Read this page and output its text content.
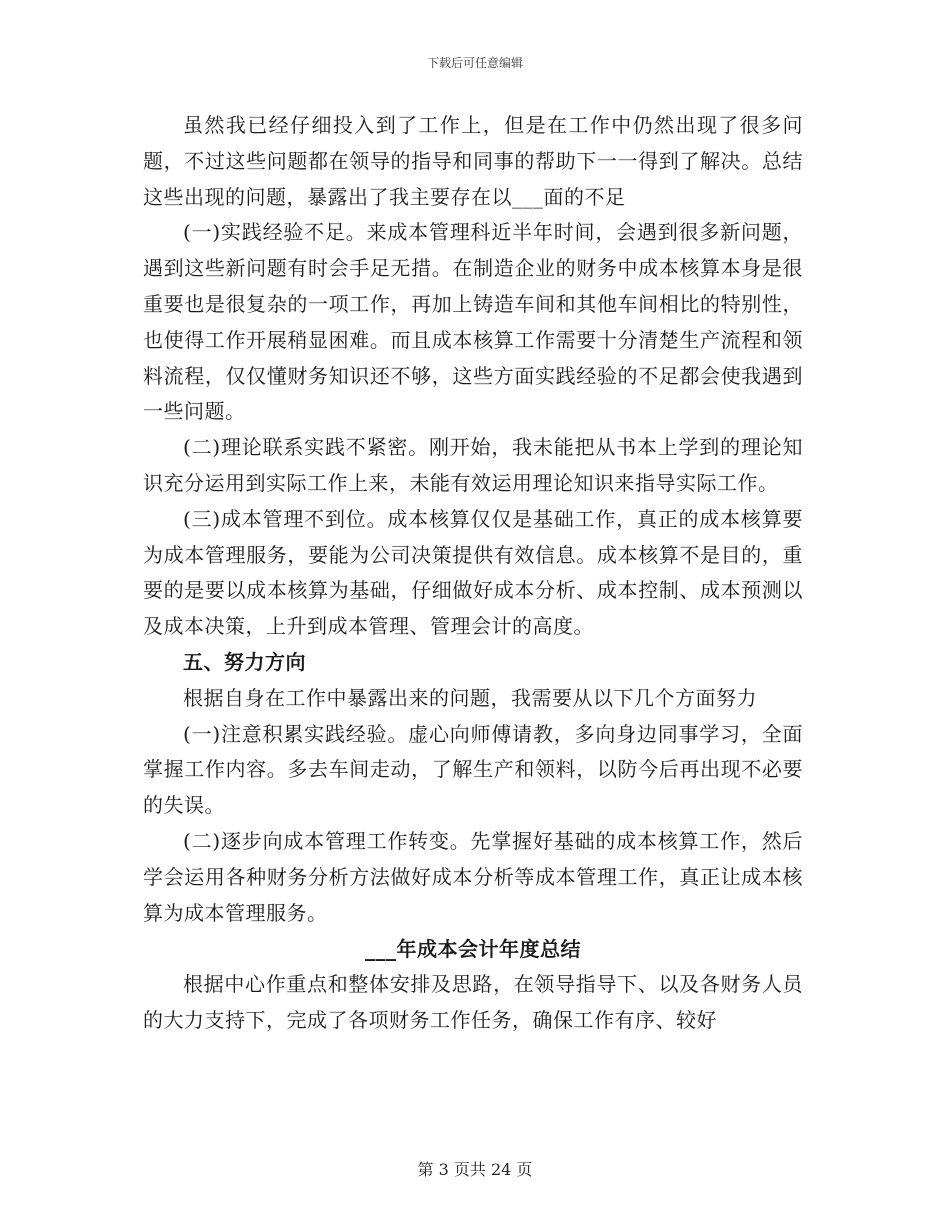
下载后可任意编辑

虽然我已经仔细投入到了工作上，但是在工作中仍然出现了很多问题，不过这些问题都在领导的指导和同事的帮助下一一得到了解决。总结这些出现的问题，暴露出了我主要存在以___面的不足

(一)实践经验不足。来成本管理科近半年时间，会遇到很多新问题，遇到这些新问题有时会手足无措。在制造企业的财务中成本核算本身是很重要也是很复杂的一项工作，再加上铸造车间和其他车间相比的特别性，也使得工作开展稍显困难。而且成本核算工作需要十分清楚生产流程和领料流程，仅仅懂财务知识还不够，这些方面实践经验的不足都会使我遇到一些问题。

(二)理论联系实践不紧密。刚开始，我未能把从书本上学到的理论知识充分运用到实际工作上来，未能有效运用理论知识来指导实际工作。

(三)成本管理不到位。成本核算仅仅是基础工作，真正的成本核算要为成本管理服务，要能为公司决策提供有效信息。成本核算不是目的，重要的是要以成本核算为基础，仔细做好成本分析、成本控制、成本预测以及成本决策，上升到成本管理、管理会计的高度。

五、努力方向

根据自身在工作中暴露出来的问题，我需要从以下几个方面努力

(一)注意积累实践经验。虚心向师傅请教，多向身边同事学习，全面掌握工作内容。多去车间走动，了解生产和领料，以防今后再出现不必要的失误。

(二)逐步向成本管理工作转变。先掌握好基础的成本核算工作，然后学会运用各种财务分析方法做好成本分析等成本管理工作，真正让成本核算为成本管理服务。

___年成本会计年度总结

根据中心作重点和整体安排及思路，在领导指导下、以及各财务人员的大力支持下，完成了各项财务工作任务，确保工作有序、较好

第 3 页共 24 页
